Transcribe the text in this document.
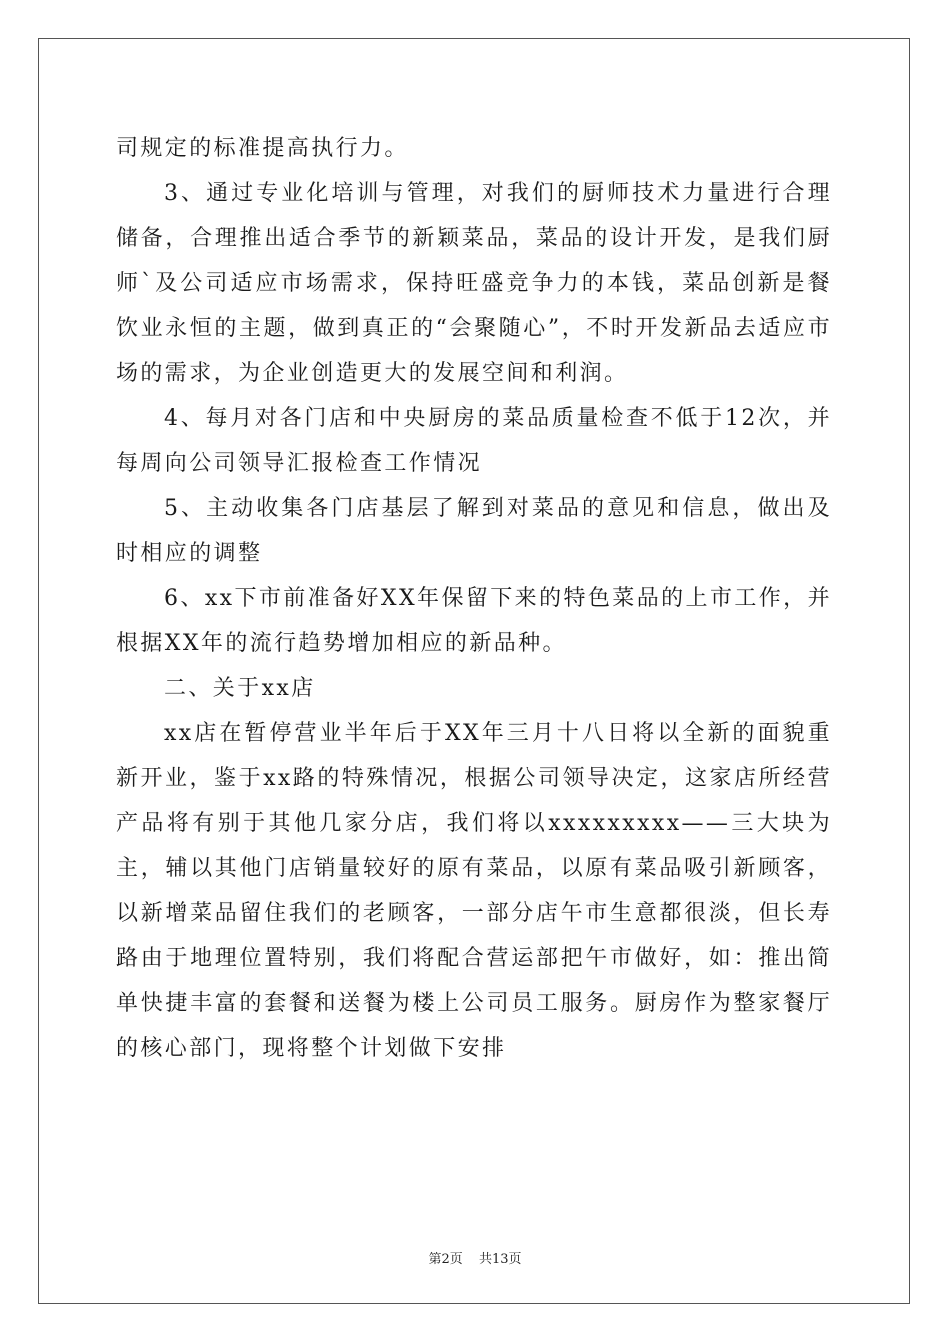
司规定的标准提高执行力。

3、通过专业化培训与管理，对我们的厨师技术力量进行合理储备，合理推出适合季节的新颖菜品，菜品的设计开发，是我们厨师`及公司适应市场需求，保持旺盛竞争力的本钱，菜品创新是餐饮业永恒的主题，做到真正的“会聚随心”，不时开发新品去适应市场的需求，为企业创造更大的发展空间和利润。

4、每月对各门店和中央厨房的菜品质量检查不低于12次，并每周向公司领导汇报检查工作情况

5、主动收集各门店基层了解到对菜品的意见和信息，做出及时相应的调整

6、xx下市前准备好XX年保留下来的特色菜品的上市工作，并根据XX年的流行趋势增加相应的新品种。

二、关于xx店

xx店在暂停营业半年后于XX年三月十八日将以全新的面貌重新开业，鉴于xx路的特殊情况，根据公司领导决定，这家店所经营产品将有别于其他几家分店，我们将以xxxxxxxxx——三大块为主，辅以其他门店销量较好的原有菜品，以原有菜品吸引新顾客，以新增菜品留住我们的老顾客，一部分店午市生意都很淡，但长寿路由于地理位置特别，我们将配合营运部把午市做好，如：推出简单快捷丰富的套餐和送餐为楼上公司员工服务。厨房作为整家餐厅的核心部门，现将整个计划做下安排

第2页 共13页
